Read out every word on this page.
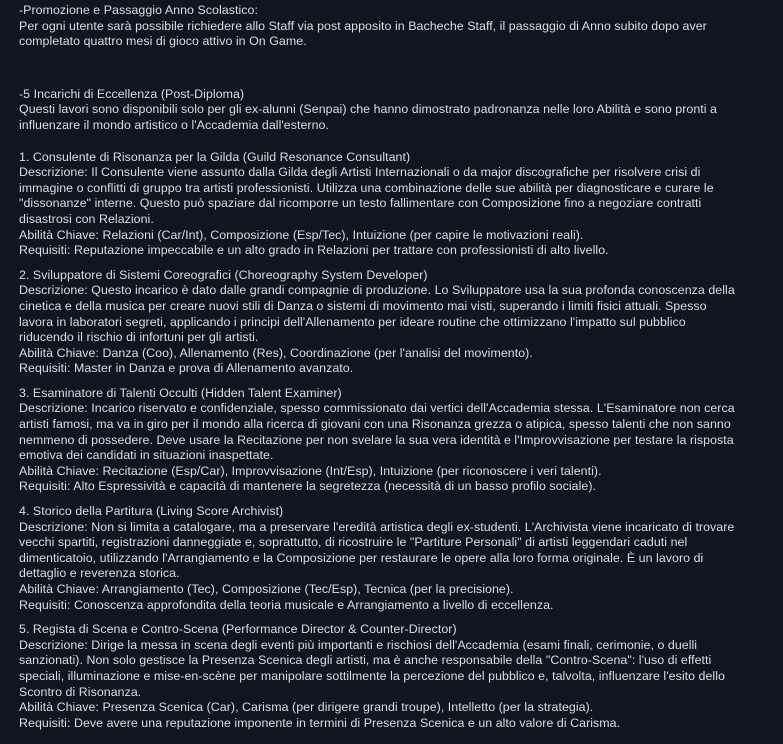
-Promozione e Passaggio Anno Scolastico:
Per ogni utente sarà possibile richiedere allo Staff via post apposito in Bacheche Staff, il passaggio di Anno subito dopo aver
completato quattro mesi di gioco attivo in On Game.
-5 Incarichi di Eccellenza (Post-Diploma)
Questi lavori sono disponibili solo per gli ex-alunni (Senpai) che hanno dimostrato padronanza nelle loro Abilità e sono pronti a
influenzare il mondo artistico o l'Accademia dall'esterno.
1. Consulente di Risonanza per la Gilda (Guild Resonance Consultant)
Descrizione: Il Consulente viene assunto dalla Gilda degli Artisti Internazionali o da major discografiche per risolvere crisi di
immagine o conflitti di gruppo tra artisti professionisti. Utilizza una combinazione delle sue abilità per diagnosticare e curare le
"dissonanze" interne. Questo può spaziare dal ricomporre un testo fallimentare con Composizione fino a negoziare contratti
disastrosi con Relazioni.
Abilità Chiave: Relazioni (Car/Int), Composizione (Esp/Tec), Intuizione (per capire le motivazioni reali).
Requisiti: Reputazione impeccabile e un alto grado in Relazioni per trattare con professionisti di alto livello.
2. Sviluppatore di Sistemi Coreografici (Choreography System Developer)
Descrizione: Questo incarico è dato dalle grandi compagnie di produzione. Lo Sviluppatore usa la sua profonda conoscenza della
cinetica e della musica per creare nuovi stili di Danza o sistemi di movimento mai visti, superando i limiti fisici attuali. Spesso
lavora in laboratori segreti, applicando i principi dell'Allenamento per ideare routine che ottimizzano l'impatto sul pubblico
riducendo il rischio di infortuni per gli artisti.
Abilità Chiave: Danza (Coo), Allenamento (Res), Coordinazione (per l'analisi del movimento).
Requisiti: Master in Danza e prova di Allenamento avanzato.
3. Esaminatore di Talenti Occulti (Hidden Talent Examiner)
Descrizione: Incarico riservato e confidenziale, spesso commissionato dai vertici dell'Accademia stessa. L'Esaminatore non cerca
artisti famosi, ma va in giro per il mondo alla ricerca di giovani con una Risonanza grezza o atipica, spesso talenti che non sanno
nemmeno di possedere. Deve usare la Recitazione per non svelare la sua vera identità e l'Improvvisazione per testare la risposta
emotiva dei candidati in situazioni inaspettate.
Abilità Chiave: Recitazione (Esp/Car), Improvvisazione (Int/Esp), Intuizione (per riconoscere i veri talenti).
Requisiti: Alto Espressività e capacità di mantenere la segretezza (necessità di un basso profilo sociale).
4. Storico della Partitura (Living Score Archivist)
Descrizione: Non si limita a catalogare, ma a preservare l'eredità artistica degli ex-studenti. L'Archivista viene incaricato di trovare
vecchi spartiti, registrazioni danneggiate e, soprattutto, di ricostruire le "Partiture Personali" di artisti leggendari caduti nel
dimenticatoio, utilizzando l'Arrangiamento e la Composizione per restaurare le opere alla loro forma originale. È un lavoro di
dettaglio e reverenza storica.
Abilità Chiave: Arrangiamento (Tec), Composizione (Tec/Esp), Tecnica (per la precisione).
Requisiti: Conoscenza approfondita della teoria musicale e Arrangiamento a livello di eccellenza.
5. Regista di Scena e Contro-Scena (Performance Director & Counter-Director)
Descrizione: Dirige la messa in scena degli eventi più importanti e rischiosi dell'Accademia (esami finali, cerimonie, o duelli
sanzionati). Non solo gestisce la Presenza Scenica degli artisti, ma è anche responsabile della "Contro-Scena": l'uso di effetti
speciali, illuminazione e mise-en-scène per manipolare sottilmente la percezione del pubblico e, talvolta, influenzare l'esito dello
Scontro di Risonanza.
Abilità Chiave: Presenza Scenica (Car), Carisma (per dirigere grandi troupe), Intelletto (per la strategia).
Requisiti: Deve avere una reputazione imponente in termini di Presenza Scenica e un alto valore di Carisma.
